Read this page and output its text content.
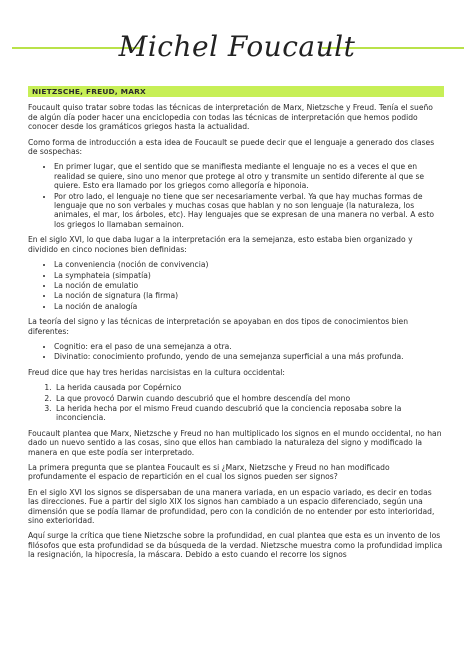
Michel Foucault
NIETZSCHE, FREUD, MARX

Foucault quiso tratar sobre todas las técnicas de interpretación de Marx, Nietzsche y Freud. Tenía el sueño de algún día poder hacer una enciclopedia con todas las técnicas de interpretación que hemos podido conocer desde los gramáticos griegos hasta la actualidad.

Como forma de introducción a esta idea de Foucault se puede decir que el lenguaje a generado dos clases de sospechas:

• En primer lugar, que el sentido que se manifiesta mediante el lenguaje no es a veces el que en realidad se quiere, sino uno menor que protege al otro y transmite un sentido diferente al que se quiere. Esto era llamado por los griegos como allegoría e hiponoia.
• Por otro lado, el lenguaje no tiene que ser necesariamente verbal. Ya que hay muchas formas de lenguaje que no son verbales y muchas cosas que hablan y no son lenguaje (la naturaleza, los animales, el mar, los árboles, etc). Hay lenguajes que se expresan de una manera no verbal. A esto los griegos lo llamaban semainon.

En el siglo XVI, lo que daba lugar a la interpretación era la semejanza, esto estaba bien organizado y dividido en cinco nociones bien definidas:

• La conveniencia (noción de convivencia)
• La symphateia (simpatía)
• La noción de emulatio
• La noción de signatura (la firma)
• La noción de analogía

La teoría del signo y las técnicas de interpretación se apoyaban en dos tipos de conocimientos bien diferentes:

• Cognitio: era el paso de una semejanza a otra.
• Divinatio: conocimiento profundo, yendo de una semejanza superficial a una más profunda.

Freud dice que hay tres heridas narcisistas en la cultura occidental:

1. La herida causada por Copérnico
2. La que provocó Darwin cuando descubrió que el hombre descendía del mono
3. La herida hecha por el mismo Freud cuando descubrió que la conciencia reposaba sobre la inconciencia.

Foucault plantea que Marx, Nietzsche y Freud no han multiplicado los signos en el mundo occidental, no han dado un nuevo sentido a las cosas, sino que ellos han cambiado la naturaleza del signo y modificado la manera en que este podía ser interpretado.

La primera pregunta que se plantea Foucault es si ¿Marx, Nietzsche y Freud no han modificado profundamente el espacio de repartición en el cual los signos pueden ser signos?

En el siglo XVI los signos se dispersaban de una manera variada, en un espacio variado, es decir en todas las direcciones. Fue a partir del siglo XIX los signos han cambiado a un espacio diferenciado, según una dimensión que se podía llamar de profundidad, pero con la condición de no entender por esto interioridad, sino exterioridad.

Aquí surge la crítica que tiene Nietzsche sobre la profundidad, en cual plantea que esta es un invento de los filósofos que esta profundidad se da búsqueda de la verdad. Nietzsche muestra como la profundidad implica la resignación, la hipocresía, la máscara. Debido a esto cuando el recorre los signos
